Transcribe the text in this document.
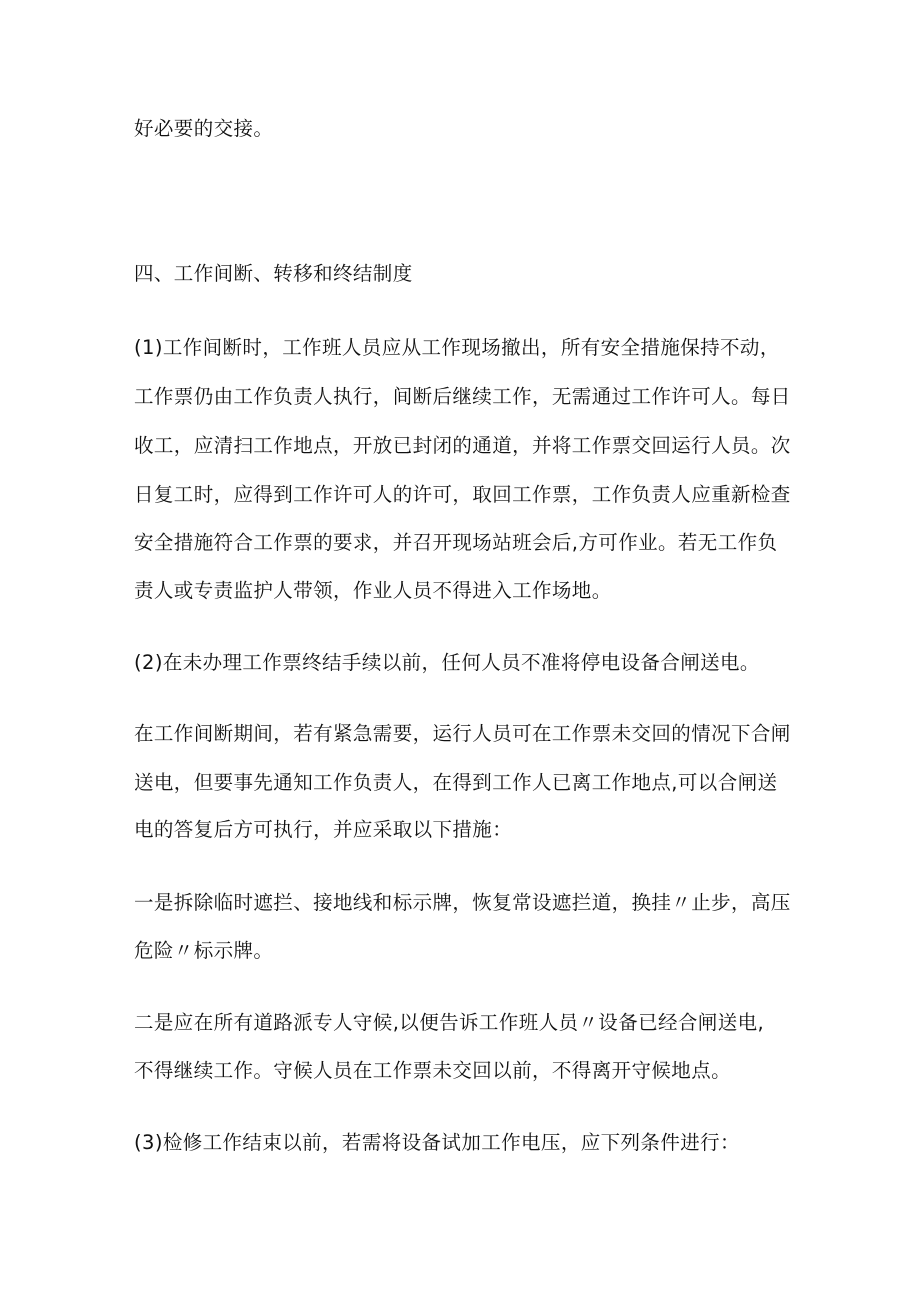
好必要的交接。
四、工作间断、转移和终结制度
(1)工作间断时，工作班人员应从工作现场撤出，所有安全措施保持不动，
工作票仍由工作负责人执行，间断后继续工作，无需通过工作许可人。每日
收工，应清扫工作地点，开放已封闭的通道，并将工作票交回运行人员。次
日复工时，应得到工作许可人的许可，取回工作票，工作负责人应重新检查
安全措施符合工作票的要求，并召开现场站班会后,方可作业。若无工作负
责人或专责监护人带领，作业人员不得进入工作场地。
(2)在未办理工作票终结手续以前，任何人员不准将停电设备合闸送电。
在工作间断期间，若有紧急需要，运行人员可在工作票未交回的情况下合闸
送电，但要事先通知工作负责人，在得到工作人已离工作地点,可以合闸送
电的答复后方可执行，并应采取以下措施：
一是拆除临时遮拦、接地线和标示牌，恢复常设遮拦道，换挂〃止步，高压
危险〃标示牌。
二是应在所有道路派专人守候,以便告诉工作班人员〃设备已经合闸送电,
不得继续工作。守候人员在工作票未交回以前，不得离开守候地点。
(3)检修工作结束以前，若需将设备试加工作电压，应下列条件进行：
